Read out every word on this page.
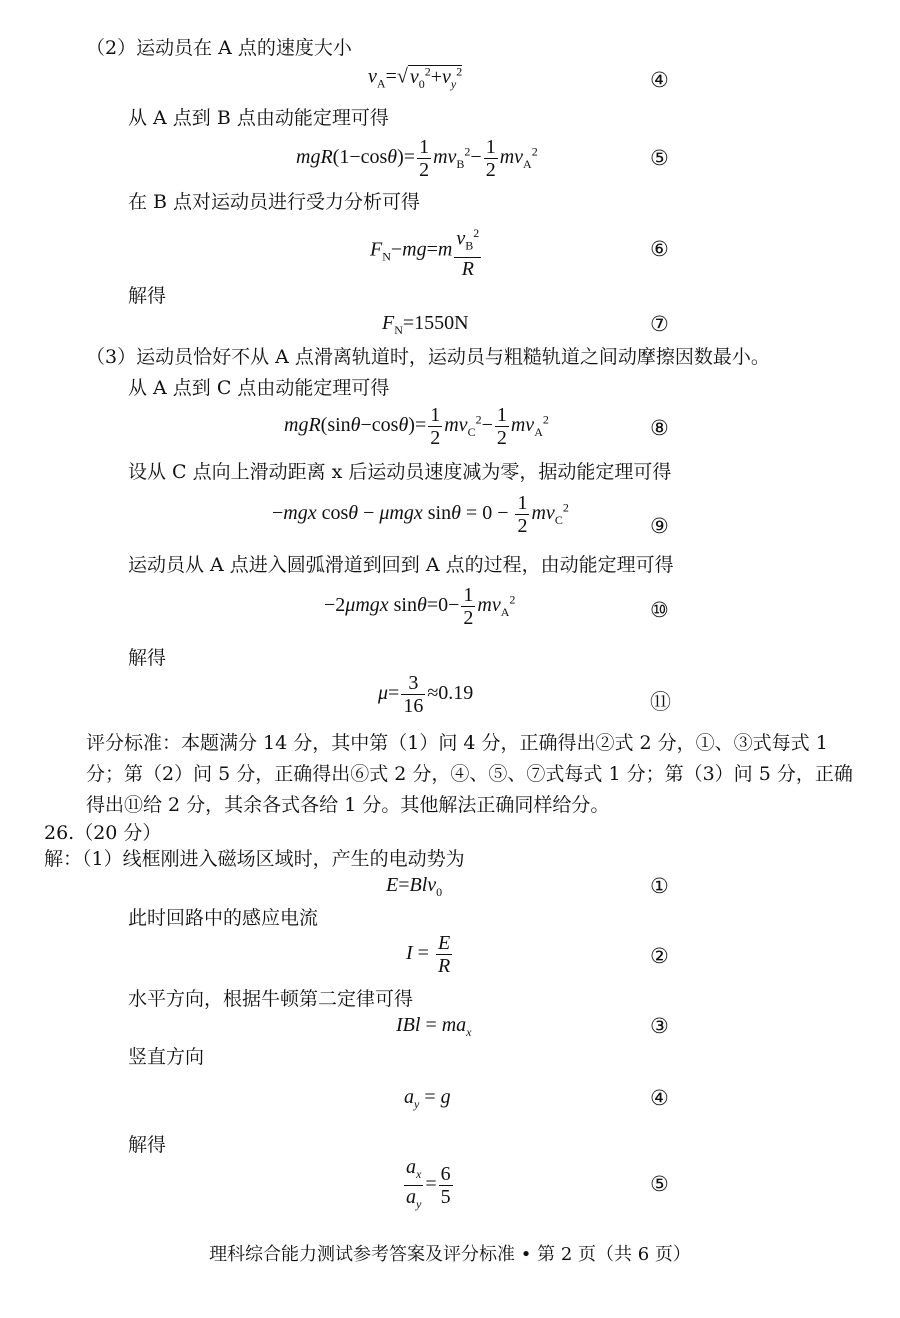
（2）运动员在 A 点的速度大小
$v_A=√$ $v_0^2+v_y^2$	④
从 A 点到 B 点由动能定理可得
$mgR(1-\cos\theta)= \frac{1}{2} mv_B^2- \frac{1}{2} mv_A^2$	⑤
在 B 点对运动员进行受力分析可得
$F_N-mg=m \frac{v_B^2}{R}$	⑥
解得
$F_N=1550N$	⑦
（3）运动员恰好不从 A 点滑离轨道时，运动员与粗糙轨道之间动摩擦因数最小。
从 A 点到 C 点由动能定理可得
$mgR(\sin\theta-\cos\theta)= \frac{1}{2} mv_C^2- \frac{1}{2} mv_A^2$	⑧
设从 C 点向上滑动距离 x 后运动员速度减为零，据动能定理可得
−mgx cosθ − μmgx $\sin\theta = 0 - \frac{1}{2} mv_C^2$
⑨
运动员从 A 点进入圆弧滑道到回到 A 点的过程，由动能定理可得
−2μmgx $\sin\theta=0- \frac{1}{2} mv_A^2$	⑩
解得
$\mu= \frac{3}{16} \approx 0.19$	⑪
评分标准：本题满分 14 分，其中第（1）问 4 分，正确得出②式 2 分，①、③式每式 1 分；第（2）问 5 分，正确得出⑥式 2 分，④、⑤、⑦式每式 1 分；第（3）问 5 分，正确得出⑪给 2 分，其余各式各给 1 分。其他解法正确同样给分。
26.（20 分）
解：（1）线框刚进入磁场区域时，产生的电动势为
E=Blv$_0$	①
此时回路中的感应电流
$I = \frac{E}{R}$	②
水平方向，根据牛顿第二定律可得
IBl = $ma_x$	③
竖直方向
$a_y = g$	④
解得
$\frac{a_x}{a_y} = \frac{6}{5}$	⑤
理科综合能力测试参考答案及评分标准 • 第 2 页（共 6 页）
